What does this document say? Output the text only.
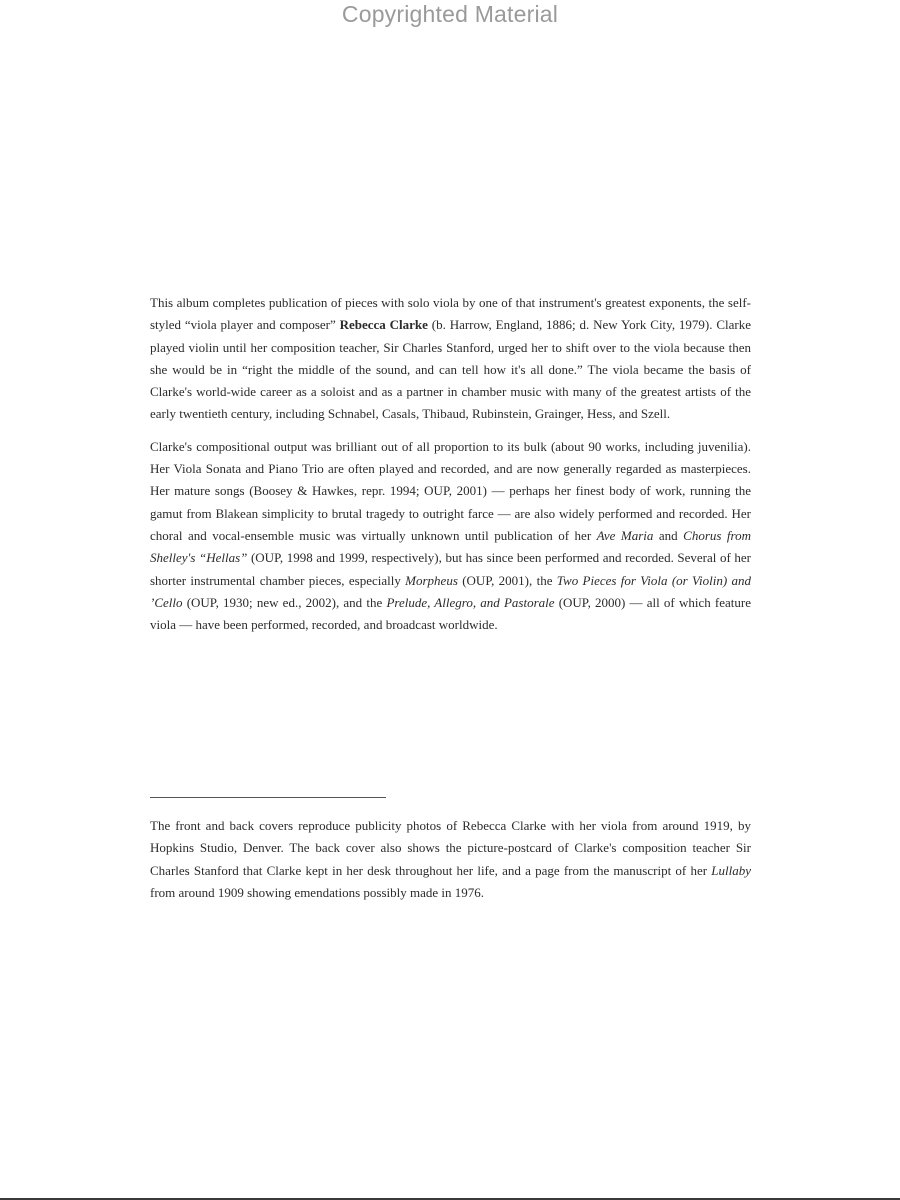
Copyrighted Material

This album completes publication of pieces with solo viola by one of that instrument's greatest exponents, the self-styled “viola player and composer” Rebecca Clarke (b. Harrow, England, 1886; d. New York City, 1979). Clarke played violin until her composition teacher, Sir Charles Stanford, urged her to shift over to the viola because then she would be in “right the middle of the sound, and can tell how it's all done.” The viola became the basis of Clarke's world-wide career as a soloist and as a partner in chamber music with many of the greatest artists of the early twentieth century, including Schnabel, Casals, Thibaud, Rubinstein, Grainger, Hess, and Szell.

Clarke's compositional output was brilliant out of all proportion to its bulk (about 90 works, including juvenilia). Her Viola Sonata and Piano Trio are often played and recorded, and are now generally regarded as masterpieces. Her mature songs (Boosey & Hawkes, repr. 1994; OUP, 2001) — perhaps her finest body of work, running the gamut from Blakean simplicity to brutal tragedy to outright farce — are also widely performed and recorded. Her choral and vocal-ensemble music was virtually unknown until publication of her Ave Maria and Chorus from Shelley's “Hellas” (OUP, 1998 and 1999, respectively), but has since been performed and recorded. Several of her shorter instrumental chamber pieces, especially Morpheus (OUP, 2001), the Two Pieces for Viola (or Violin) and ’Cello (OUP, 1930; new ed., 2002), and the Prelude, Allegro, and Pastorale (OUP, 2000) — all of which feature viola — have been performed, recorded, and broadcast worldwide.

The front and back covers reproduce publicity photos of Rebecca Clarke with her viola from around 1919, by Hopkins Studio, Denver. The back cover also shows the picture-postcard of Clarke's composition teacher Sir Charles Stanford that Clarke kept in her desk throughout her life, and a page from the manuscript of her Lullaby from around 1909 showing emendations possibly made in 1976.
